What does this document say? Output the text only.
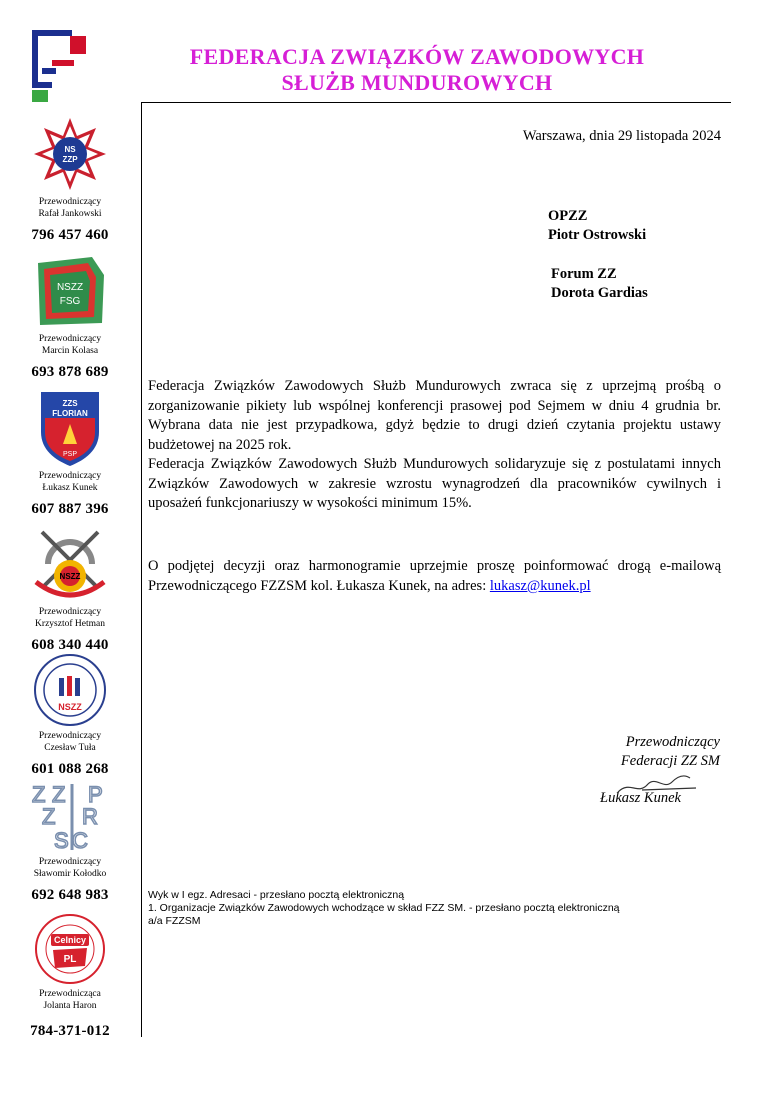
FEDERACJA ZWIĄZKÓW ZAWODOWYCH
SŁUŻB MUNDUROWYCH
NS
ZZP
Przewodniczący
Rafał Jankowski
796 457 460
NSZZ
FSG
Przewodniczący
Marcin Kolasa
693 878 689
ZZS
FLORIAN
PSP
Przewodniczący
Łukasz Kunek
607 887 396
NSZZ
Przewodniczący
Krzysztof Hetman
608 340 440
NSZZ
Przewodniczący
Czesław Tuła
601 088 268
Z Z P
Z R
S C
Przewodniczący
Sławomir Kołodko
692 648 983
Celnicy
PL
Przewodnicząca
Jolanta Haron
784-371-012
Warszawa, dnia 29 listopada 2024
OPZZ
Piotr Ostrowski
Forum ZZ
Dorota Gardias

Federacja Związków Zawodowych Służb Mundurowych zwraca się z uprzejmą prośbą o zorganizowanie pikiety lub wspólnej konferencji prasowej pod Sejmem w dniu 4 grudnia br. Wybrana data nie jest przypadkowa, gdyż będzie to drugi dzień czytania projektu ustawy budżetowej na 2025 rok.

Federacja Związków Zawodowych Służb Mundurowych solidaryzuje się z postulatami innych Związków Zawodowych w zakresie wzrostu wynagrodzeń dla pracowników cywilnych i uposażeń funkcjonariuszy w wysokości minimum 15%.

O podjętej decyzji oraz harmonogramie uprzejmie proszę poinformować drogą e-mailową Przewodniczącego FZZSM kol. Łukasza Kunek, na adres: lukasz@kunek.pl
Przewodniczący
Federacji ZZ SM
Łukasz Kunek
Wyk w I egz. Adresaci - przesłano pocztą elektroniczną
1. Organizacje Związków Zawodowych wchodzące w skład FZZ SM. - przesłano pocztą elektroniczną
a/a FZZSM
